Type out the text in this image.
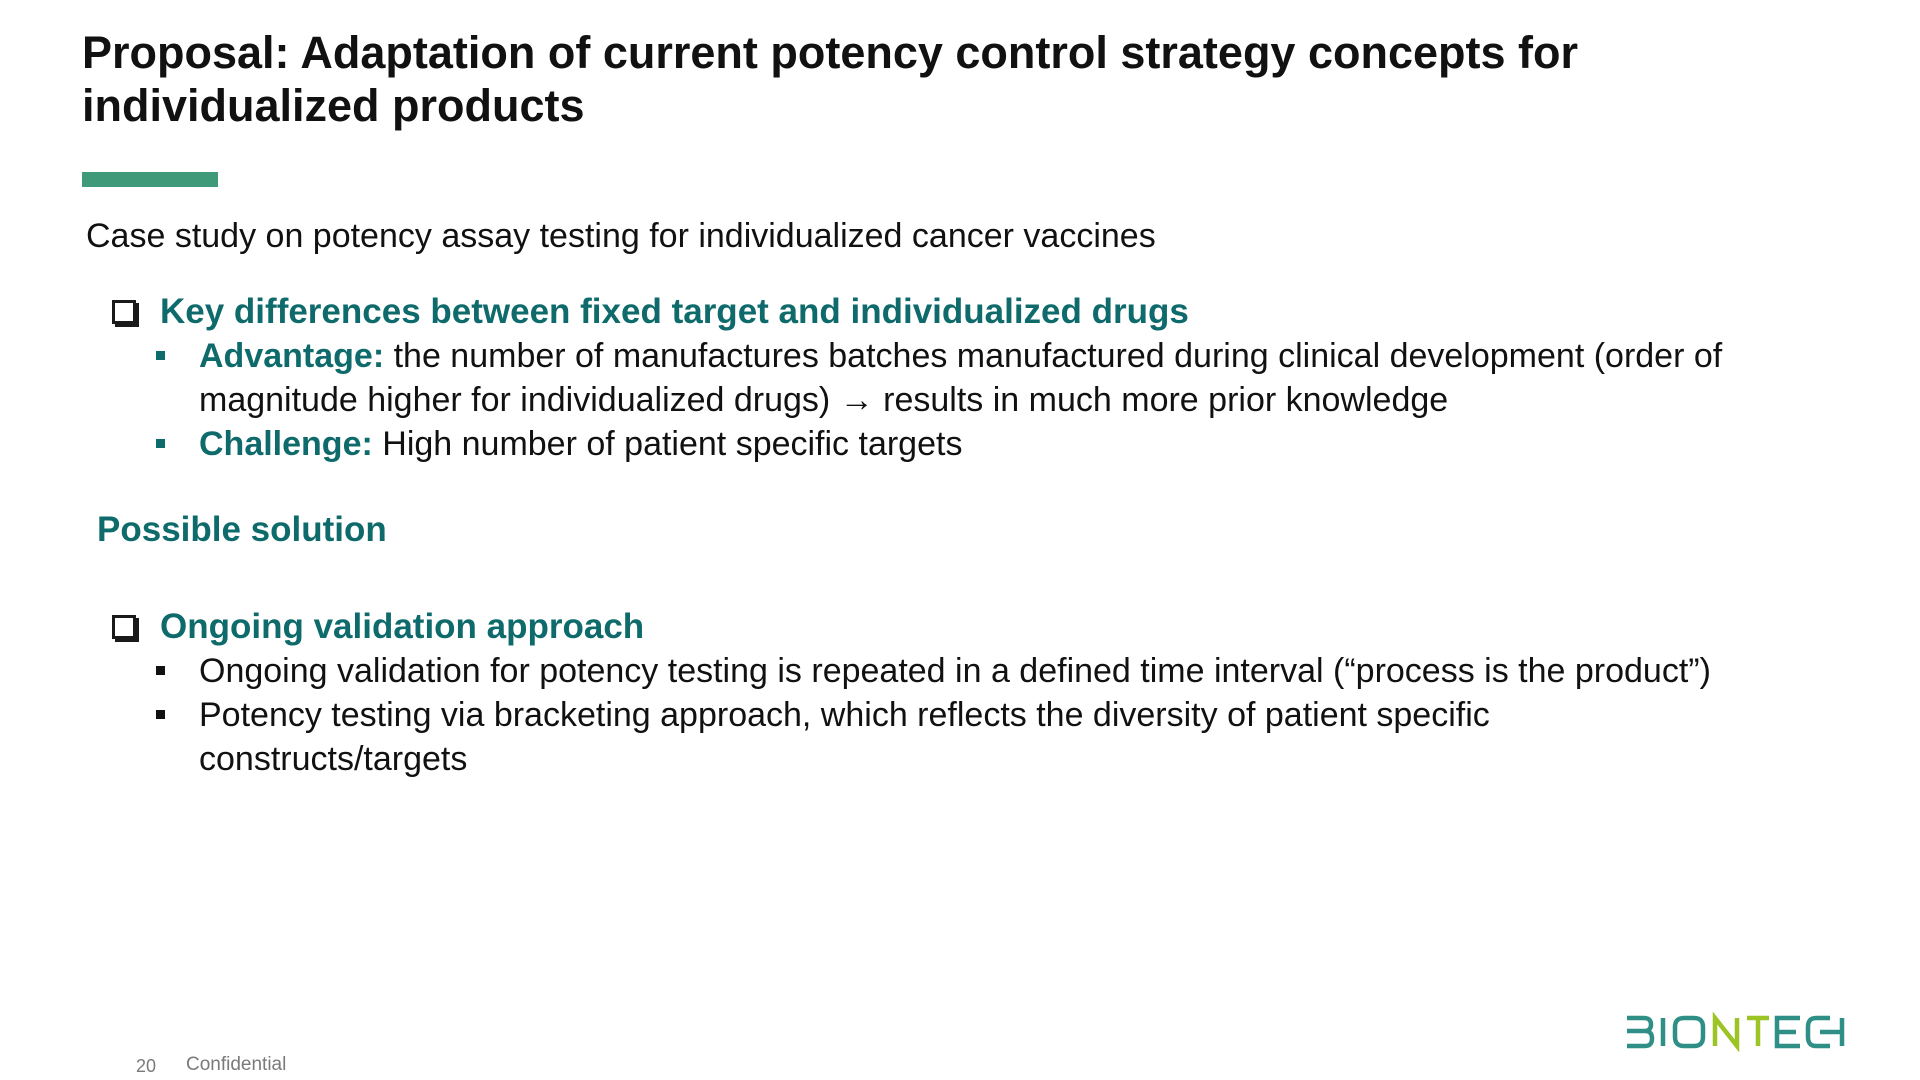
Proposal: Adaptation of current potency control strategy concepts for
individualized products
Case study on potency assay testing for individualized cancer vaccines
Key differences between fixed target and individualized drugs
Advantage: the number of manufactures batches manufactured during clinical development (order of magnitude higher for individualized drugs) → results in much more prior knowledge
Challenge: High number of patient specific targets
Possible solution
Ongoing validation approach
Ongoing validation for potency testing is repeated in a defined time interval (“process is the product”)
Potency testing via bracketing approach, which reflects the diversity of patient specific constructs/targets
20 Confidential
